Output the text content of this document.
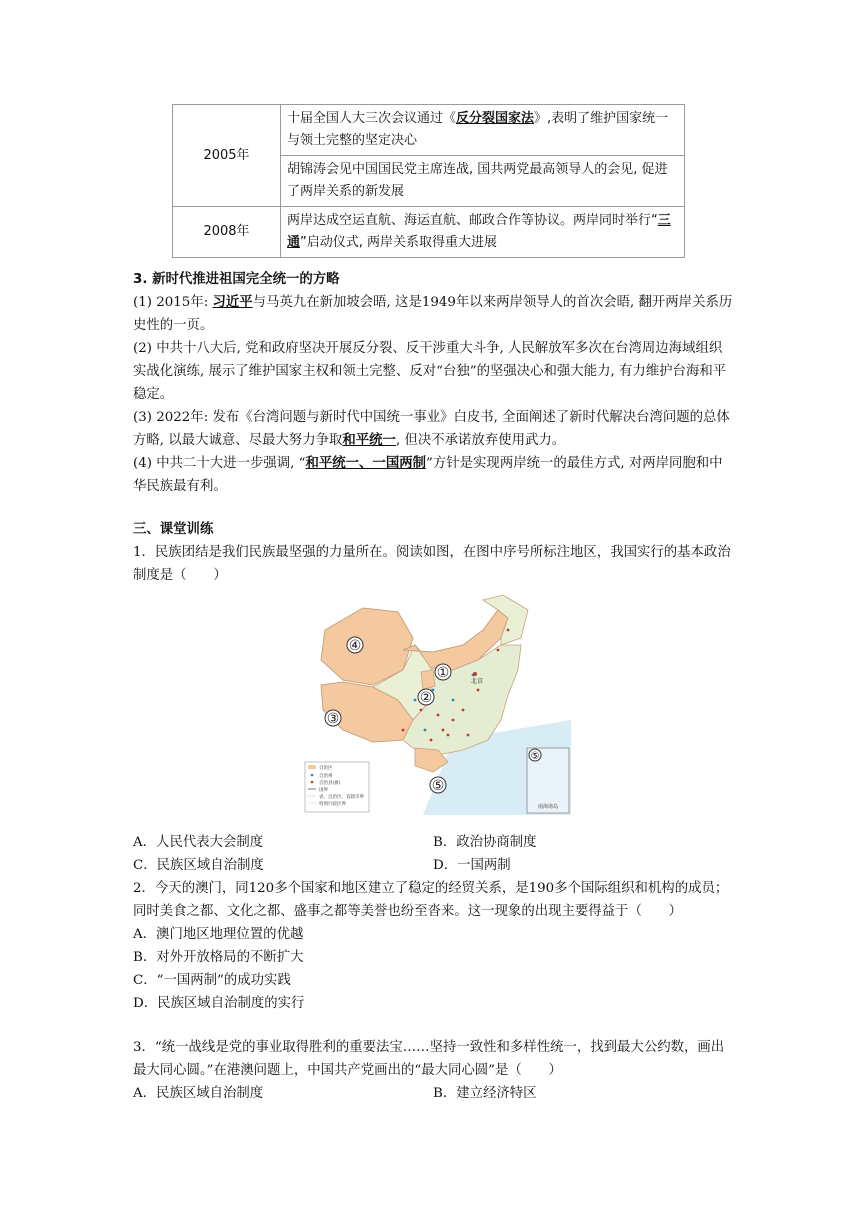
2005年	十届全国人大三次会议通过《反分裂国家法》,表明了维护国家统一与领土完整的坚定决心
	胡锦涛会见中国国民党主席连战, 国共两党最高领导人的会见, 促进了两岸关系的新发展
2008年	两岸达成空运直航、海运直航、邮政合作等协议。两岸同时举行“三通”启动仪式, 两岸关系取得重大进展
3. 新时代推进祖国完全统一的方略
(1) 2015年: 习近平与马英九在新加坡会晤, 这是1949年以来两岸领导人的首次会晤, 翻开两岸关系历史性的一页。
(2) 中共十八大后, 党和政府坚决开展反分裂、反干涉重大斗争, 人民解放军多次在台湾周边海域组织实战化演练, 展示了维护国家主权和领土完整、反对“台独”的坚强决心和强大能力, 有力维护台海和平稳定。
(3) 2022年: 发布《台湾问题与新时代中国统一事业》白皮书, 全面阐述了新时代解决台湾问题的总体方略, 以最大诚意、尽最大努力争取和平统一, 但决不承诺放弃使用武力。
(4) 中共二十大进一步强调, “和平统一、一国两制”方针是实现两岸统一的最佳方式, 对两岸同胞和中华民族最有利。
三、课堂训练
1．民族团结是我们民族最坚强的力量所在。阅读如图，在图中序号所标注地区，我国实行的基本政治制度是（　　）
④
①
②
③
⑤
北京
⑤
南海诸岛
自治区
自治州
自治县(旗)
国界
省、自治区、直辖市界
特别行政区界
A．人民代表大会制度	B．政治协商制度
C．民族区域自治制度	D．一国两制
2．今天的澳门，同120多个国家和地区建立了稳定的经贸关系，是190多个国际组织和机构的成员；同时美食之都、文化之都、盛事之都等美誉也纷至沓来。这一现象的出现主要得益于（　　）
A．澳门地区地理位置的优越
B．对外开放格局的不断扩大
C．“一国两制”的成功实践
D．民族区域自治制度的实行
3．“统一战线是党的事业取得胜利的重要法宝……坚持一致性和多样性统一，找到最大公约数，画出最大同心圆。”在港澳问题上，中国共产党画出的“最大同心圆”是（　　）
A．民族区域自治制度	B．建立经济特区
